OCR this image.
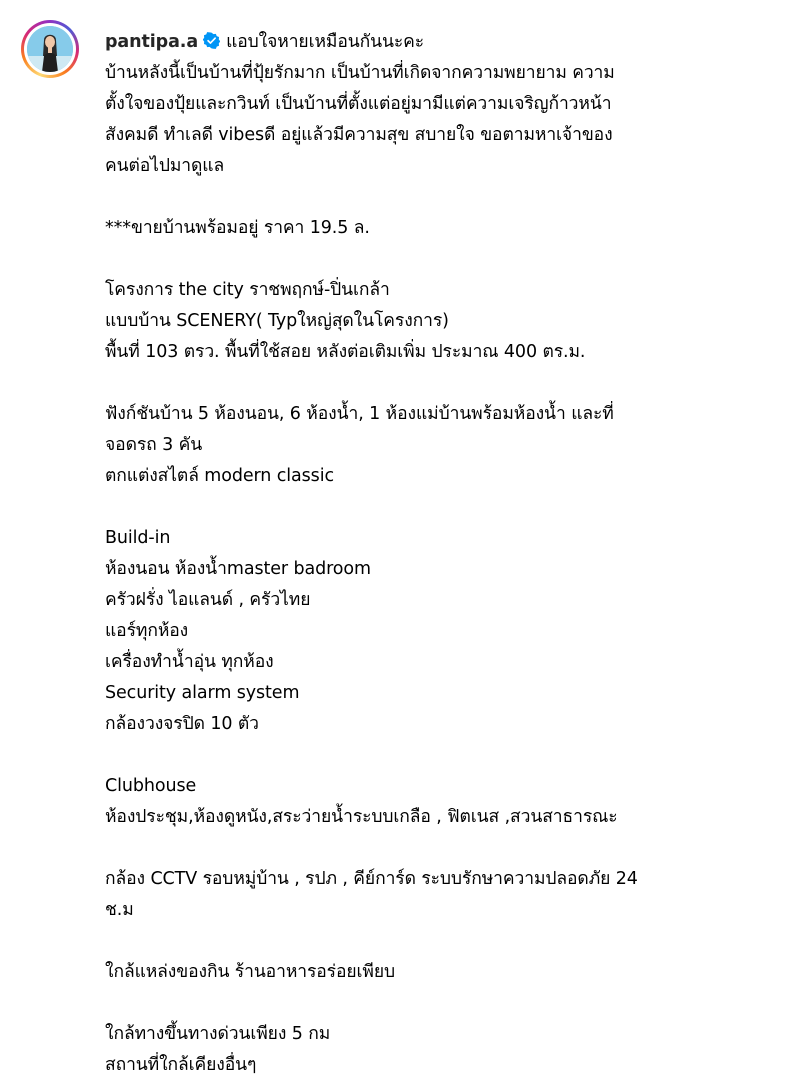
pantipa.a แอบใจหายเหมือนกันนะคะ
บ้านหลังนี้เป็นบ้านที่ปุ้ยรักมาก เป็นบ้านที่เกิดจากความพยายาม ความ
ตั้งใจของปุ้ยและกวินท์ เป็นบ้านที่ตั้งแต่อยู่มามีแต่ความเจริญก้าวหน้า
สังคมดี ทำเลดี vibesดี อยู่แล้วมีความสุข สบายใจ ขอตามหาเจ้าของ
คนต่อไปมาดูแล
***ขายบ้านพร้อมอยู่ ราคา 19.5 ล.
โครงการ the city ราชพฤกษ์-ปิ่นเกล้า
แบบบ้าน SCENERY( Typใหญ่สุดในโครงการ)
พื้นที่ 103 ตรว. พื้นที่ใช้สอย หลังต่อเติมเพิ่ม ประมาณ 400 ตร.ม.
ฟังก์ชันบ้าน 5 ห้องนอน, 6 ห้องน้ำ, 1 ห้องแม่บ้านพร้อมห้องน้ำ และที่
จอดรถ 3 คัน
ตกแต่งสไตล์ modern classic
Build-in
ห้องนอน ห้องน้ำmaster badroom
ครัวฝรั่ง ไอแลนด์ , ครัวไทย
แอร์ทุกห้อง
เครื่องทำน้ำอุ่น ทุกห้อง
Security alarm system
กล้องวงจรปิด 10 ตัว
Clubhouse
ห้องประชุม,ห้องดูหนัง,สระว่ายน้ำระบบเกลือ , ฟิตเนส ,สวนสาธารณะ
กล้อง CCTV รอบหมู่บ้าน , รปภ , คีย์การ์ด ระบบรักษาความปลอดภัย 24
ช.ม
ใกล้แหล่งของกิน ร้านอาหารอร่อยเพียบ
ใกล้ทางขึ้นทางด่วนเพียง 5 กม
สถานที่ใกล้เคียงอื่นๆ
